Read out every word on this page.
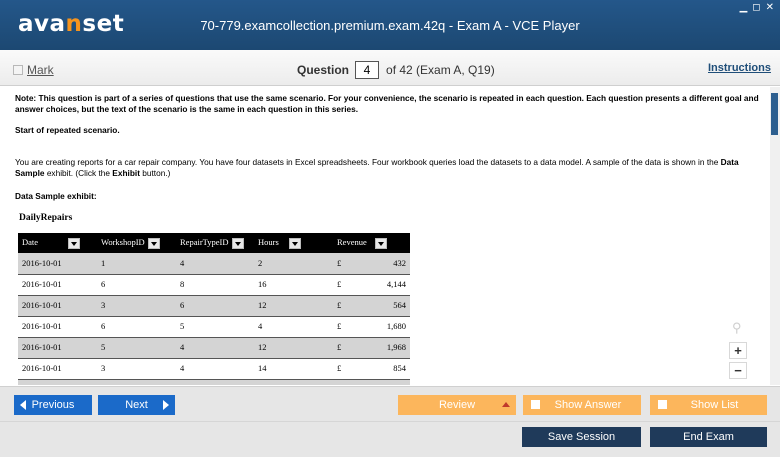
avanset	70-779.examcollection.premium.exam.42q - Exam A - VCE Player
▁ ◻ ✕
Mark	Question	4	of 42 (Exam A, Q19)	Instructions
Note: This question is part of a series of questions that use the same scenario. For your convenience, the scenario is repeated in each question. Each question presents a different goal and answer choices, but the text of the scenario is the same in each question in this series.
Start of repeated scenario.
You are creating reports for a car repair company. You have four datasets in Excel spreadsheets. Four workbook queries load the datasets to a data model. A sample of the data is shown in the Data Sample exhibit. (Click the Exhibit button.)
Data Sample exhibit:
DailyRepairs
Date	WorkshopID	RepairTypeID	Hours	Revenue	
2016-10-01	1	4	2	£	432
2016-10-01	6	8	16	£	4,144
2016-10-01	3	6	12	£	564
2016-10-01	6	5	4	£	1,680
2016-10-01	5	4	12	£	1,968
2016-10-01	3	4	14	£	854

⚲
+
−
Previous	Next	Review	Show Answer	Show List
Save Session	End Exam
